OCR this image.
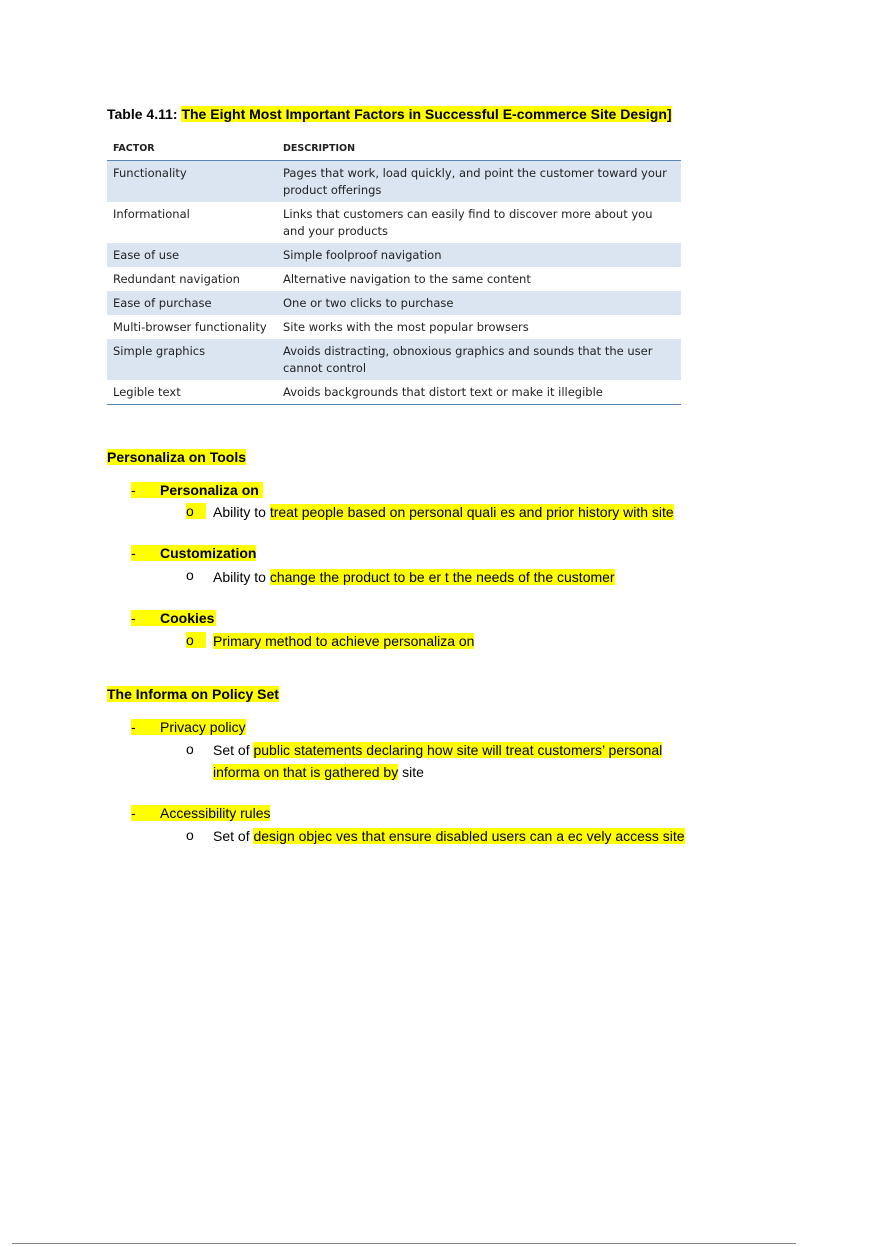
Table 4.11: The Eight Most Important Factors in Successful E-commerce Site Design]
FACTOR	DESCRIPTION
Functionality	Pages that work, load quickly, and point the customer toward your product offerings
Informational	Links that customers can easily find to discover more about you and your products
Ease of use	Simple foolproof navigation
Redundant navigation	Alternative navigation to the same content
Ease of purchase	One or two clicks to purchase
Multi-browser functionality	Site works with the most popular browsers
Simple graphics	Avoids distracting, obnoxious graphics and sounds that the user cannot control
Legible text	Avoids backgrounds that distort text or make it illegible
Personaliza on Tools
-	Personaliza on
o	Ability to treat people based on personal quali es and prior history with site
-	Customization
o Ability to change the product to be er t the needs of the customer
-	Cookies
o	Primary method to achieve personaliza on
The Informa on Policy Set
-	Privacy policy
o Set of public statements declaring how site will treat customers’ personal informa on that is gathered by site
-	Accessibility rules
o Set of design objec ves that ensure disabled users can a ec vely access site
